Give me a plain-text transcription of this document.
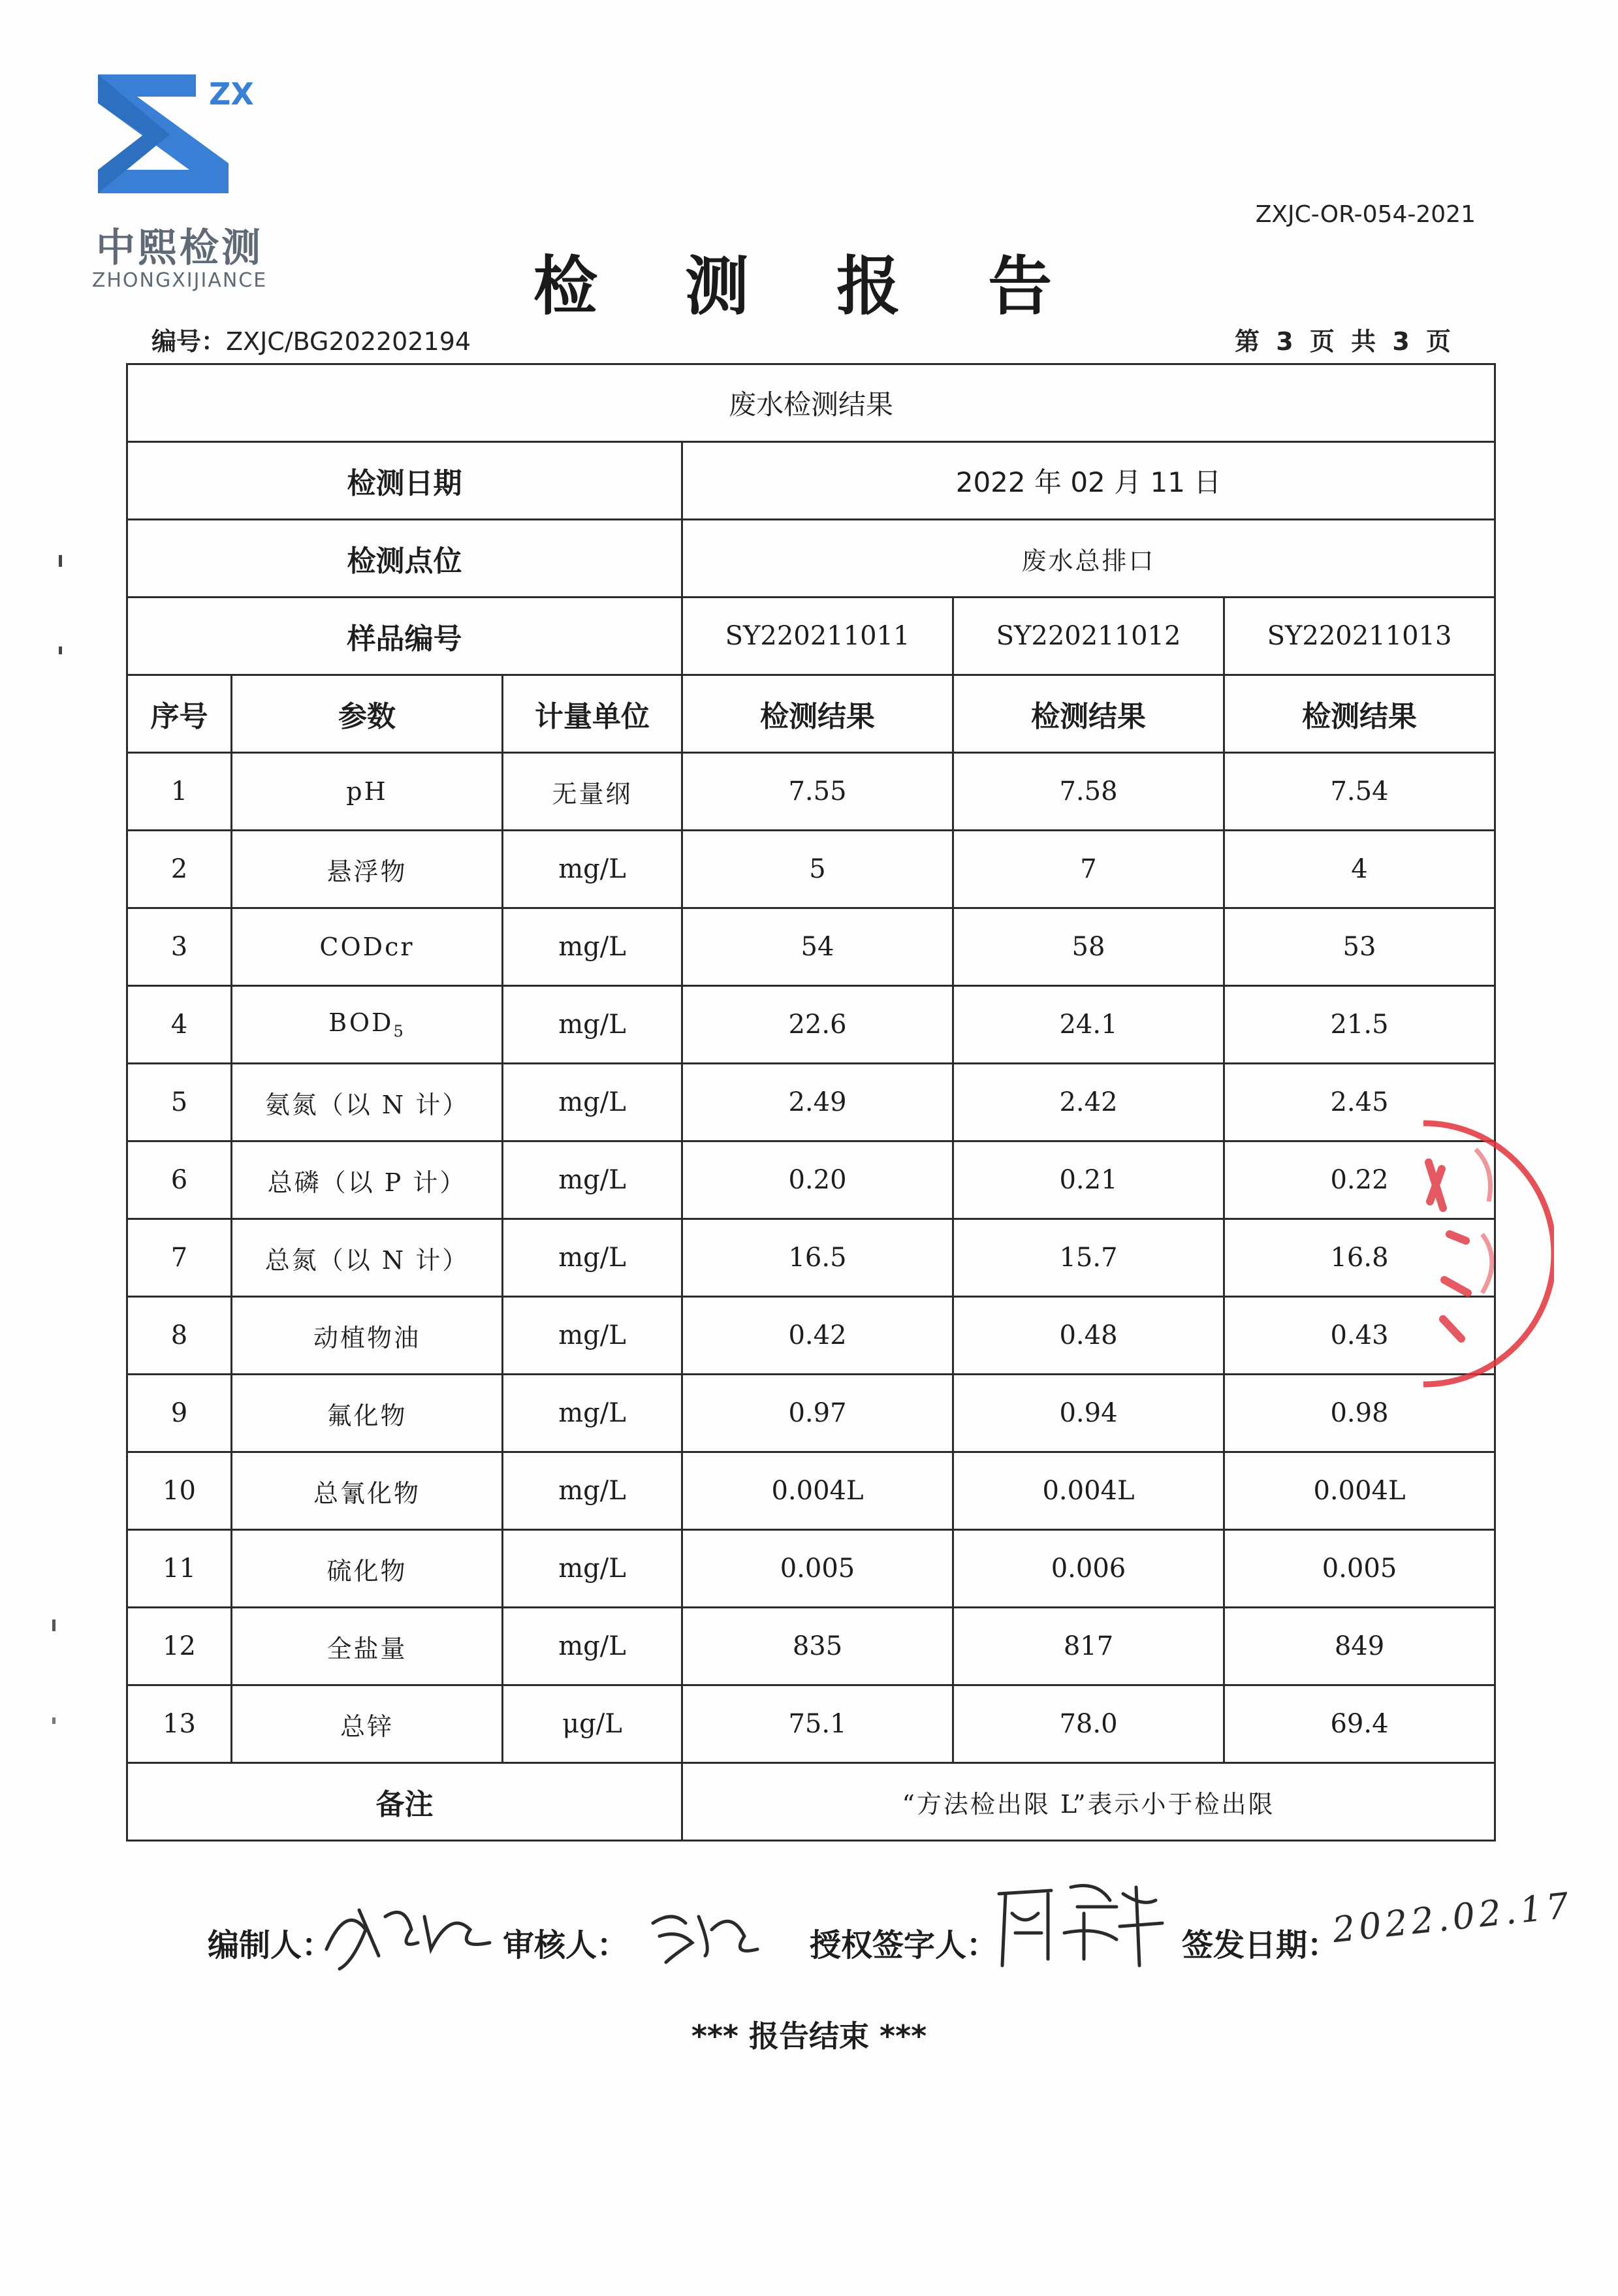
ZX
中熙检测
ZHONGXIJIANCE
ZXJC-OR-054-2021
检 测 报 告
编号：ZXJC/BG202202194	第 3 页 共 3 页
废水检测结果					
检测日期			2022 年 02 月 11 日		
检测点位			废水总排口		
样品编号			SY220211011	SY220211012	SY220211013
序号	参数	计量单位	检测结果	检测结果	检测结果
1	pH	无量纲	7.55	7.58	7.54
2	悬浮物	mg/L	5	7	4
3	CODcr	mg/L	54	58	53
4	$BOD_5$	mg/L	22.6	24.1	21.5
5	氨氮（以 N 计）	mg/L	2.49	2.42	2.45
6	总磷（以 P 计）	mg/L	0.20	0.21	0.22
7	总氮（以 N 计）	mg/L	16.5	15.7	16.8
8	动植物油	mg/L	0.42	0.48	0.43
9	氟化物	mg/L	0.97	0.94	0.98
10	总氰化物	mg/L	0.004L	0.004L	0.004L
11	硫化物	mg/L	0.005	0.006	0.005
12	全盐量	mg/L	835	817	849
13	总锌	μg/L	75.1	78.0	69.4
备注			“方法检出限 L”表示小于检出限		
编制人：	审核人：	授权签字人：	签发日期：
2022.02.17
*** 报告结束 ***
